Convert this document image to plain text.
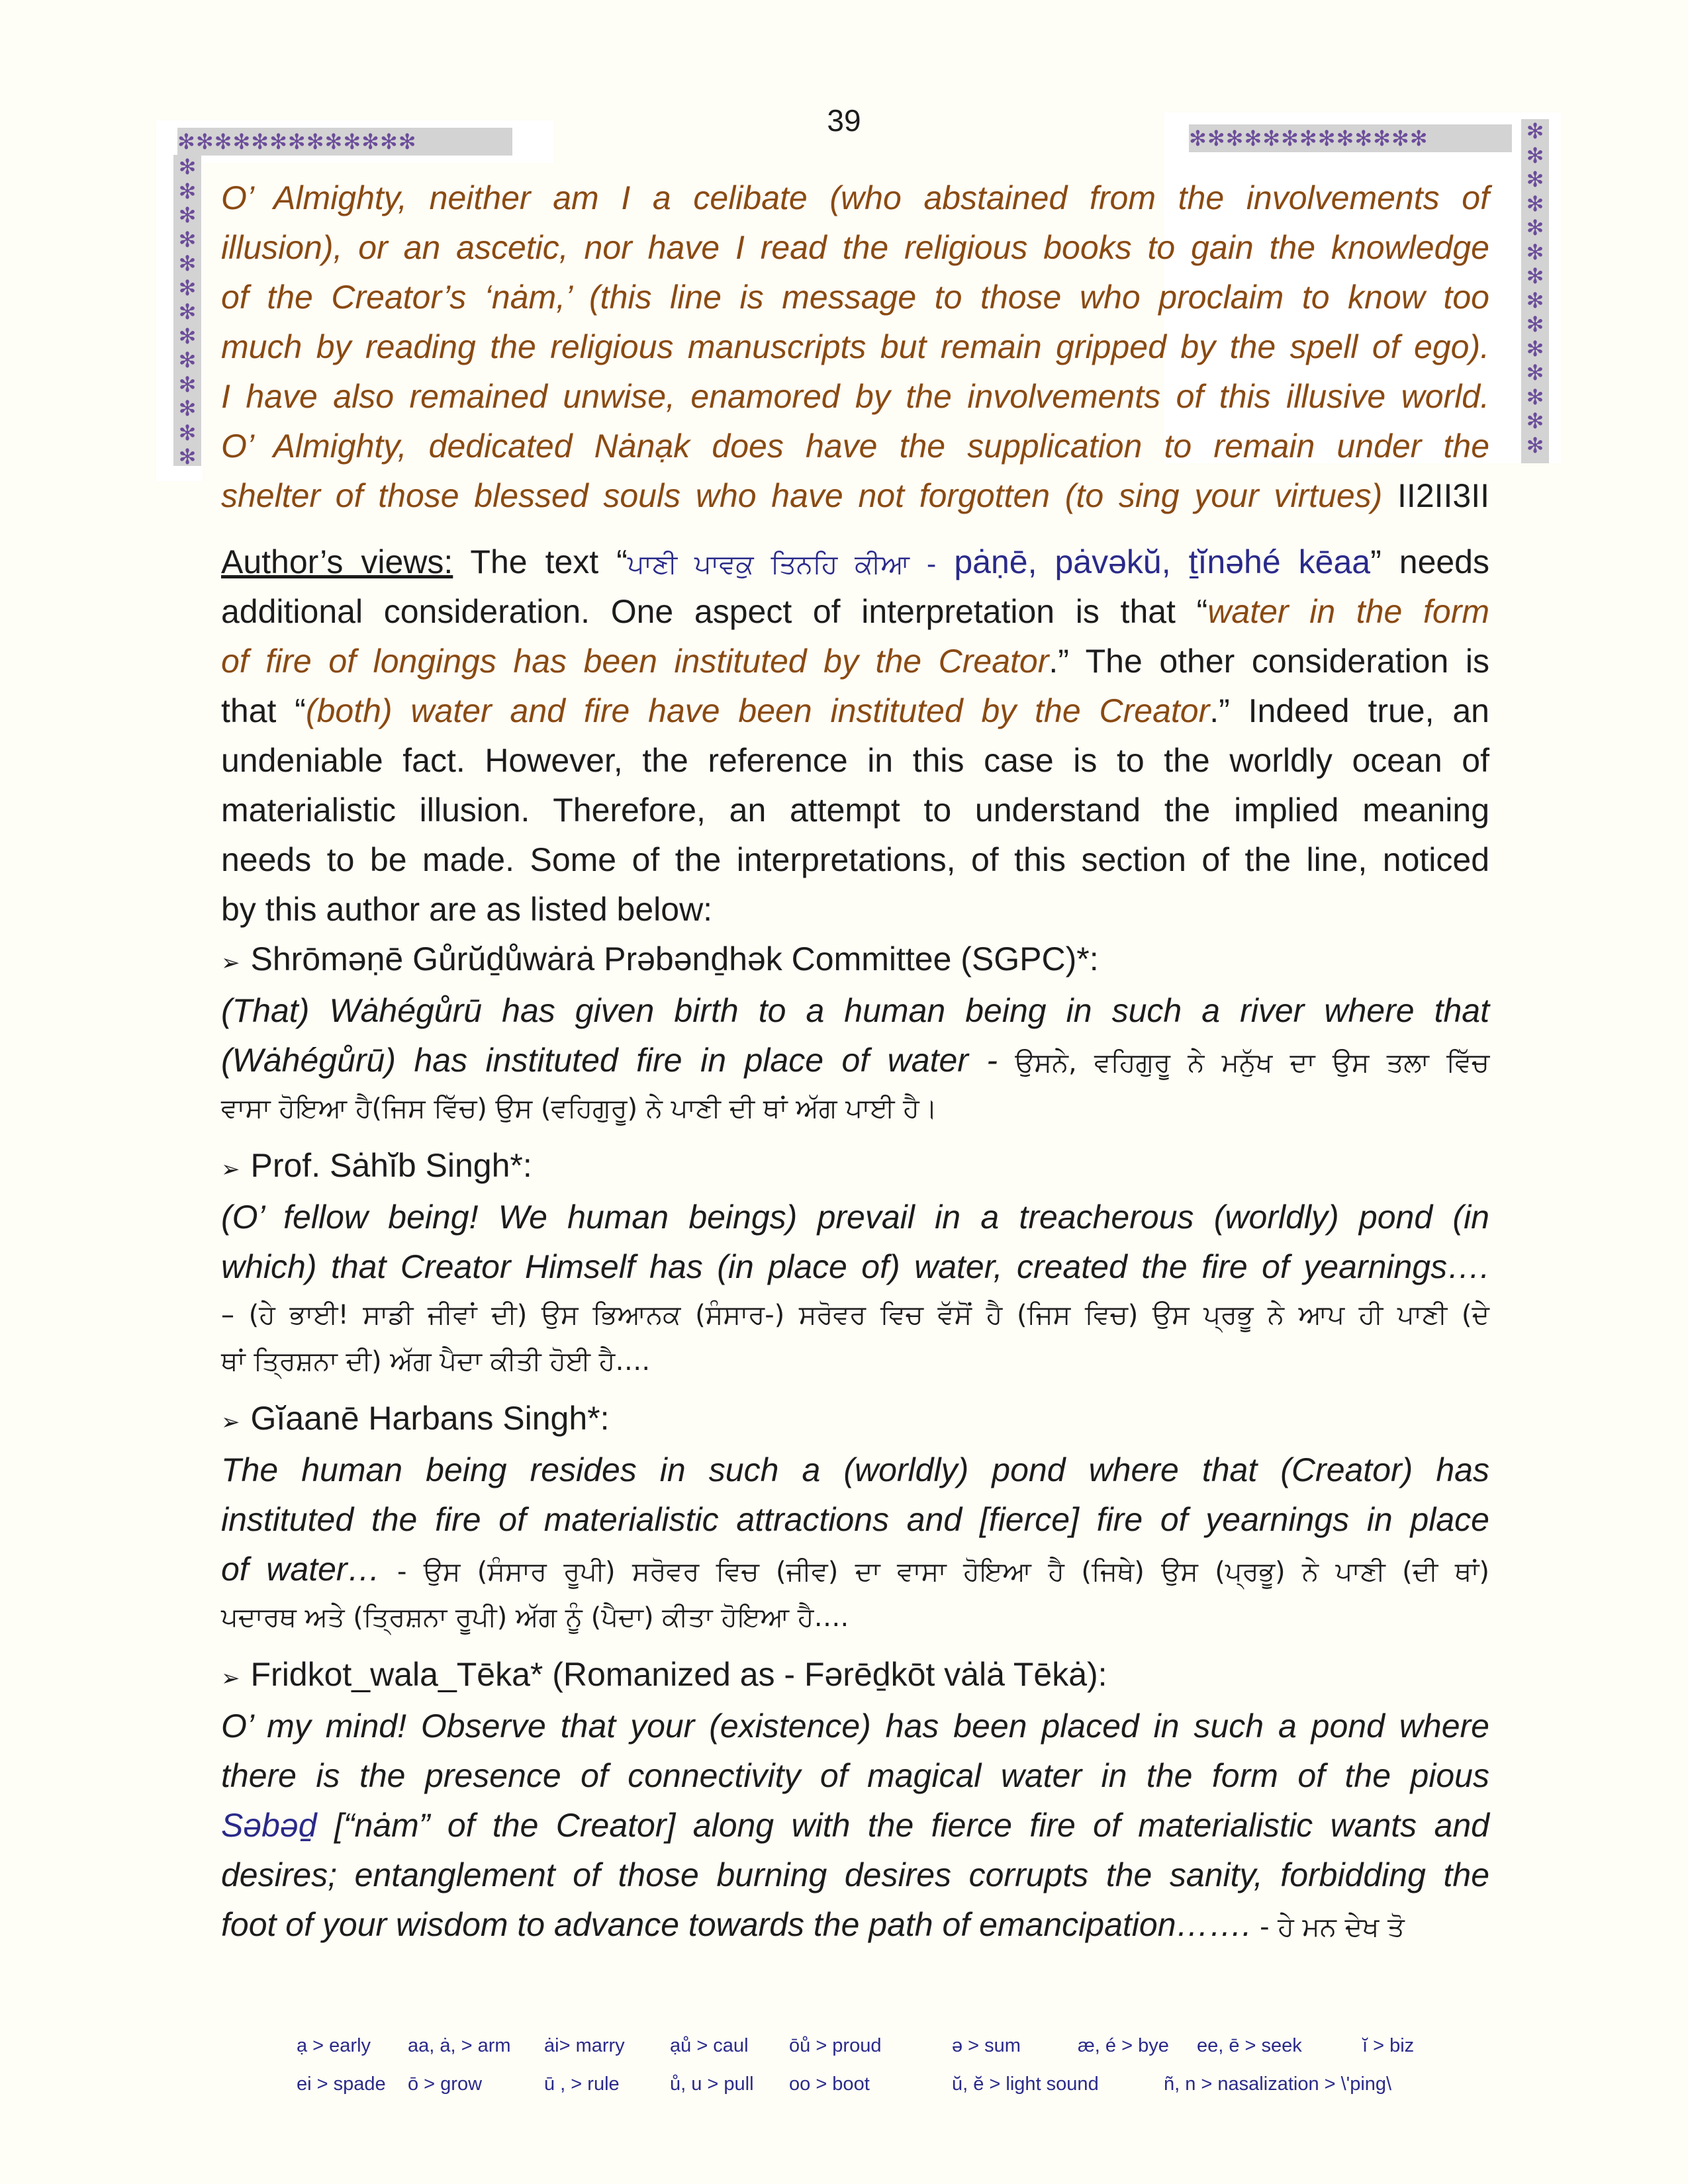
39
✻✻✻✻✻✻✻✻✻✻✻✻✻	✻✻✻✻✻✻✻✻✻✻✻✻✻
✻✻✻✻✻✻✻✻✻✻✻✻✻
✻✻✻✻✻✻✻✻✻✻✻✻✻✻
O’ Almighty, neither am I a celibate (who abstained from the involvements of
illusion), or an ascetic, nor have I read the religious books to gain the knowledge
of the Creator’s ‘nȧm,’ (this line is message to those who proclaim to know too
much by reading the religious manuscripts but remain gripped by the spell of ego).
I have also remained unwise, enamored by the involvements of this illusive world.
O’ Almighty, dedicated Nȧnạk does have the supplication to remain under the
shelter of those blessed souls who have not forgotten (to sing your virtues) II2II3II
Author’s views: The text “ਪਾਣੀ ਪਾਵਕੁ ਤਿਨਹਿ ਕੀਆ - pȧṇē, pȧvəkŭ, ṯĭnəhé kēaa” needs
additional consideration. One aspect of interpretation is that “water in the form
of fire of longings has been instituted by the Creator.” The other consideration is
that “(both) water and fire have been instituted by the Creator.” Indeed true, an
undeniable fact. However, the reference in this case is to the worldly ocean of
materialistic illusion. Therefore, an attempt to understand the implied meaning
needs to be made. Some of the interpretations, of this section of the line, noticed
by this author are as listed below:
➢ Shrōməṇē Gůrŭḏůwȧrȧ Prəbənḏhək Committee (SGPC)*:
(That) Wȧhégůrū has given birth to a human being in such a river where that
(Wȧhégůrū) has instituted fire in place of water - ਉਸਨੇ, ਵਹਿਗੁਰੂ ਨੇ ਮਨੁੱਖ ਦਾ ਉਸ ਤਲਾ ਵਿੱਚ
ਵਾਸਾ ਹੋਇਆ ਹੈ(ਜਿਸ ਵਿੱਚ) ਉਸ (ਵਹਿਗੁਰੂ) ਨੇ ਪਾਣੀ ਦੀ ਥਾਂ ਅੱਗ ਪਾਈ ਹੈ।
➢ Prof. Sȧhĭb Singh*:
(O’ fellow being! We human beings) prevail in a treacherous (worldly) pond (in
which) that Creator Himself has (in place of) water, created the fire of yearnings….
– (ਹੇ ਭਾਈ! ਸਾਡੀ ਜੀਵਾਂ ਦੀ) ਉਸ ਭਿਆਨਕ (ਸੰਸਾਰ-) ਸਰੋਵਰ ਵਿਚ ਵੱਸੋਂ ਹੈ (ਜਿਸ ਵਿਚ) ਉਸ ਪ੍ਰਭੂ ਨੇ ਆਪ ਹੀ ਪਾਣੀ (ਦੇ
ਥਾਂ ਤ੍ਰਿਸ਼ਨਾ ਦੀ) ਅੱਗ ਪੈਦਾ ਕੀਤੀ ਹੋਈ ਹੈ….
➢ Gĭaanē Harbans Singh*:
The human being resides in such a (worldly) pond where that (Creator) has
instituted the fire of materialistic attractions and [fierce] fire of yearnings in place
of water… - ਉਸ (ਸੰਸਾਰ ਰੂਪੀ) ਸਰੋਵਰ ਵਿਚ (ਜੀਵ) ਦਾ ਵਾਸਾ ਹੋਇਆ ਹੈ (ਜਿਥੇ) ਉਸ (ਪ੍ਰਭੂ) ਨੇ ਪਾਣੀ (ਦੀ ਥਾਂ)
ਪਦਾਰਥ ਅਤੇ (ਤ੍ਰਿਸ਼ਨਾ ਰੂਪੀ) ਅੱਗ ਨੂੰ (ਪੈਦਾ) ਕੀਤਾ ਹੋਇਆ ਹੈ….
➢ Fridkot_wala_Tēka* (Romanized as - Fərēḏkōt vȧlȧ Tēkȧ):
O’ my mind! Observe that your (existence) has been placed in such a pond where
there is the presence of connectivity of magical water in the form of the pious
Səbəḏ [“nȧm” of the Creator] along with the fierce fire of materialistic wants and
desires; entanglement of those burning desires corrupts the sanity, forbidding the
foot of your wisdom to advance towards the path of emancipation……. - ਹੇ ਮਨ ਦੇਖ ਤੋ
ạ > early aa, ȧ, > arm ȧi> marry ạů > caul ōů > proud	ə > sum	æ, é > bye ee, ē > seek	ĭ > biz
ei > spade ō > grow	ū , > rule	ů, u > pull oo > boot	ŭ, ĕ > light sound	ñ, n > nasalization > \'ping\
